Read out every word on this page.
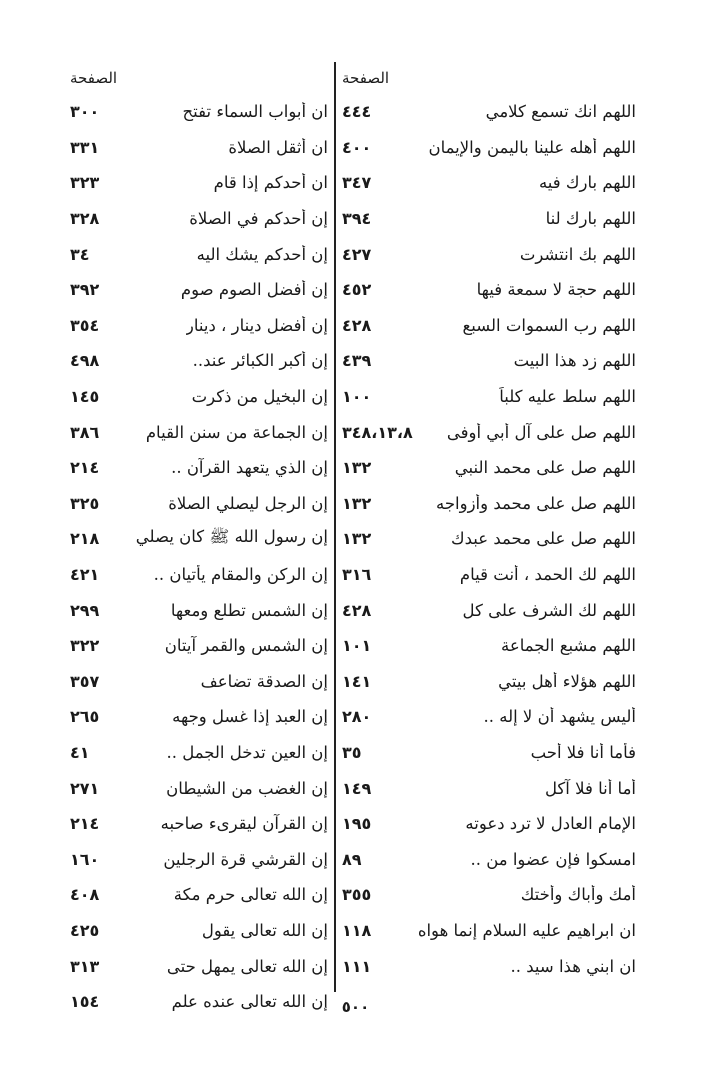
الصفحة
اللهم انك تسمع كلامي
٤٤٤
اللهم أهله علينا باليمن والإيمان
٤٠٠
اللهم بارك فيه
٣٤٧
اللهم بارك لنا
٣٩٤
اللهم بك انتشرت
٤٢٧
اللهم حجة لا سمعة فيها
٤٥٢
اللهم رب السموات السبع
٤٢٨
اللهم زد هذا البيت
٤٣٩
اللهم سلط عليه كلباً
١٠٠
اللهم صل على آل أبي أوفى
٣٤٨،١٣،٨
اللهم صل على محمد النبي
١٣٢
اللهم صل على محمد وأزواجه
١٣٢
اللهم صل على محمد عبدك
١٣٢
اللهم لك الحمد ، أنت قيام
٣١٦
اللهم لك الشرف على كل
٤٢٨
اللهم مشبع الجماعة
١٠١
اللهم هؤلاء أهل بيتي
١٤١
أليس يشهد أن لا إله ..
٢٨٠
فأما أنا فلا أحب
٣٥
أما أنا فلا آكل
١٤٩
الإمام العادل لا ترد دعوته
١٩٥
امسكوا فإن عضوا من ..
٨٩
أمك وأباك وأختك
٣٥٥
ان ابراهيم عليه السلام إنما هواه
١١٨
ان ابني هذا سيد ..
١١١
الصفحة
ان أبواب السماء تفتح
٣٠٠
ان أثقل الصلاة
٣٣١
ان أحدكم إذا قام
٣٢٣
إن أحدكم في الصلاة
٣٢٨
إن أحدكم يشك اليه
٣٤
إن أفضل الصوم صوم
٣٩٢
إن أفضل دينار ، دينار
٣٥٤
إن أكبر الكبائر عند..
٤٩٨
إن البخيل من ذكرت
١٤٥
إن الجماعة من سنن القيام
٣٨٦
إن الذي يتعهد القرآن ..
٢١٤
إن الرجل ليصلي الصلاة
٣٢٥
إن رسول الله ﷺ كان يصلي
٢١٨
إن الركن والمقام يأتيان ..
٤٢١
إن الشمس تطلع ومعها
٢٩٩
إن الشمس والقمر آيتان
٣٢٢
إن الصدقة تضاعف
٣٥٧
إن العبد إذا غسل وجهه
٢٦٥
إن العين تدخل الجمل ..
٤١
إن الغضب من الشيطان
٢٧١
إن القرآن ليقرىء صاحبه
٢١٤
إن القرشي قرة الرجلين
١٦٠
إن الله تعالى حرم مكة
٤٠٨
إن الله تعالى يقول
٤٢٥
إن الله تعالى يمهل حتى
٣١٣
إن الله تعالى عنده علم
١٥٤	٥٠٠
